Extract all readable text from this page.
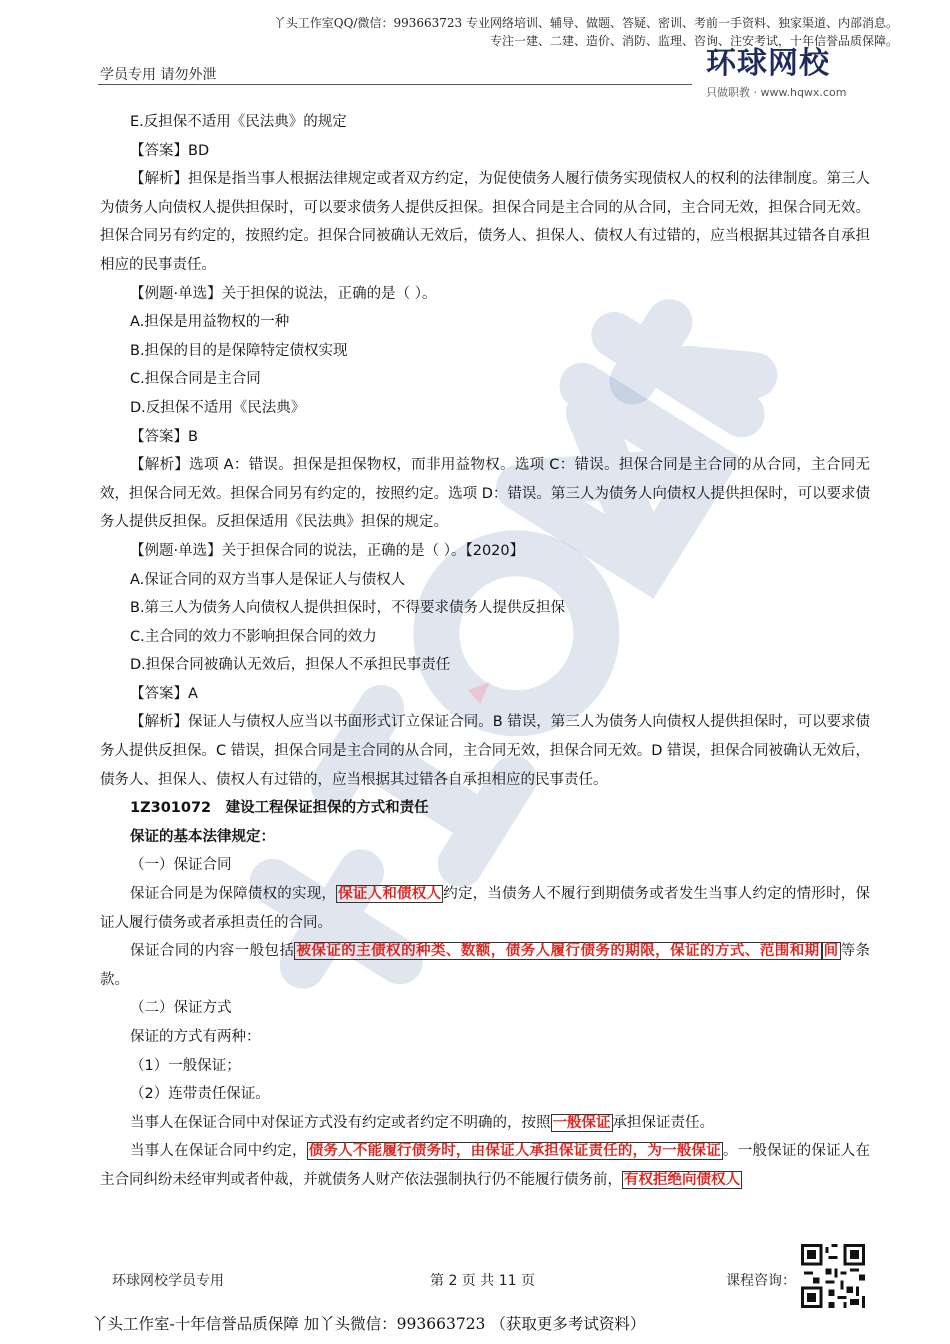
丫头工作室QQ/微信：993663723 专业网络培训、辅导、做题、答疑、密训、考前一手资料、独家渠道、内部消息。
专注一建、二建、造价、消防、监理、咨询、注安考试，十年信誉品质保障。
学员专用 请勿外泄	环球网校
只做职教 · www.hqwx.com

E.反担保不适用《民法典》的规定

【答案】BD

【解析】担保是指当事人根据法律规定或者双方约定，为促使债务人履行债务实现债权人的权利的法律制度。第三人为债务人向债权人提供担保时，可以要求债务人提供反担保。担保合同是主合同的从合同，主合同无效，担保合同无效。担保合同另有约定的，按照约定。担保合同被确认无效后，债务人、担保人、债权人有过错的，应当根据其过错各自承担相应的民事责任。

【例题·单选】关于担保的说法，正确的是（ ）。

A.担保是用益物权的一种

B.担保的目的是保障特定债权实现

C.担保合同是主合同

D.反担保不适用《民法典》

【答案】B

【解析】选项 A：错误。担保是担保物权，而非用益物权。选项 C：错误。担保合同是主合同的从合同，主合同无效，担保合同无效。担保合同另有约定的，按照约定。选项 D：错误。第三人为债务人向债权人提供担保时，可以要求债务人提供反担保。反担保适用《民法典》担保的规定。

【例题·单选】关于担保合同的说法，正确的是（ ）。【2020】

A.保证合同的双方当事人是保证人与债权人

B.第三人为债务人向债权人提供担保时，不得要求债务人提供反担保

C.主合同的效力不影响担保合同的效力

D.担保合同被确认无效后，担保人不承担民事责任

【答案】A

【解析】保证人与债权人应当以书面形式订立保证合同。B 错误，第三人为债务人向债权人提供担保时，可以要求债务人提供反担保。C 错误，担保合同是主合同的从合同，主合同无效，担保合同无效。D 错误，担保合同被确认无效后，债务人、担保人、债权人有过错的，应当根据其过错各自承担相应的民事责任。

1Z301072　建设工程保证担保的方式和责任

保证的基本法律规定：

（一）保证合同

保证合同是为保障债权的实现， 保证人和债权人 约定，当债务人不履行到期债务或者发生当事人约定的情形时，保证人履行债务或者承担责任的合同。

保证合同的内容一般包括 被保证的主债权的种类、数额，债务人履行债务的期限，保证的方式、范围和期 间 等条款。

（二）保证方式

保证的方式有两种：

（1）一般保证；

（2）连带责任保证。

当事人在保证合同中对保证方式没有约定或者约定不明确的，按照 一般保证 承担保证责任。

当事人在保证合同中约定， 债务人不能履行债务时，由保证人承担保证责任的，为一般保证 。一般保证的保证人在主合同纠纷未经审判或者仲裁，并就债务人财产依法强制执行仍不能履行债务前， 有权拒绝向债权人

环球网校学员专用	第 2 页 共 11 页	课程咨询：
丫头工作室-十年信誉品质保障 加丫头微信：993663723 （获取更多考试资料）
